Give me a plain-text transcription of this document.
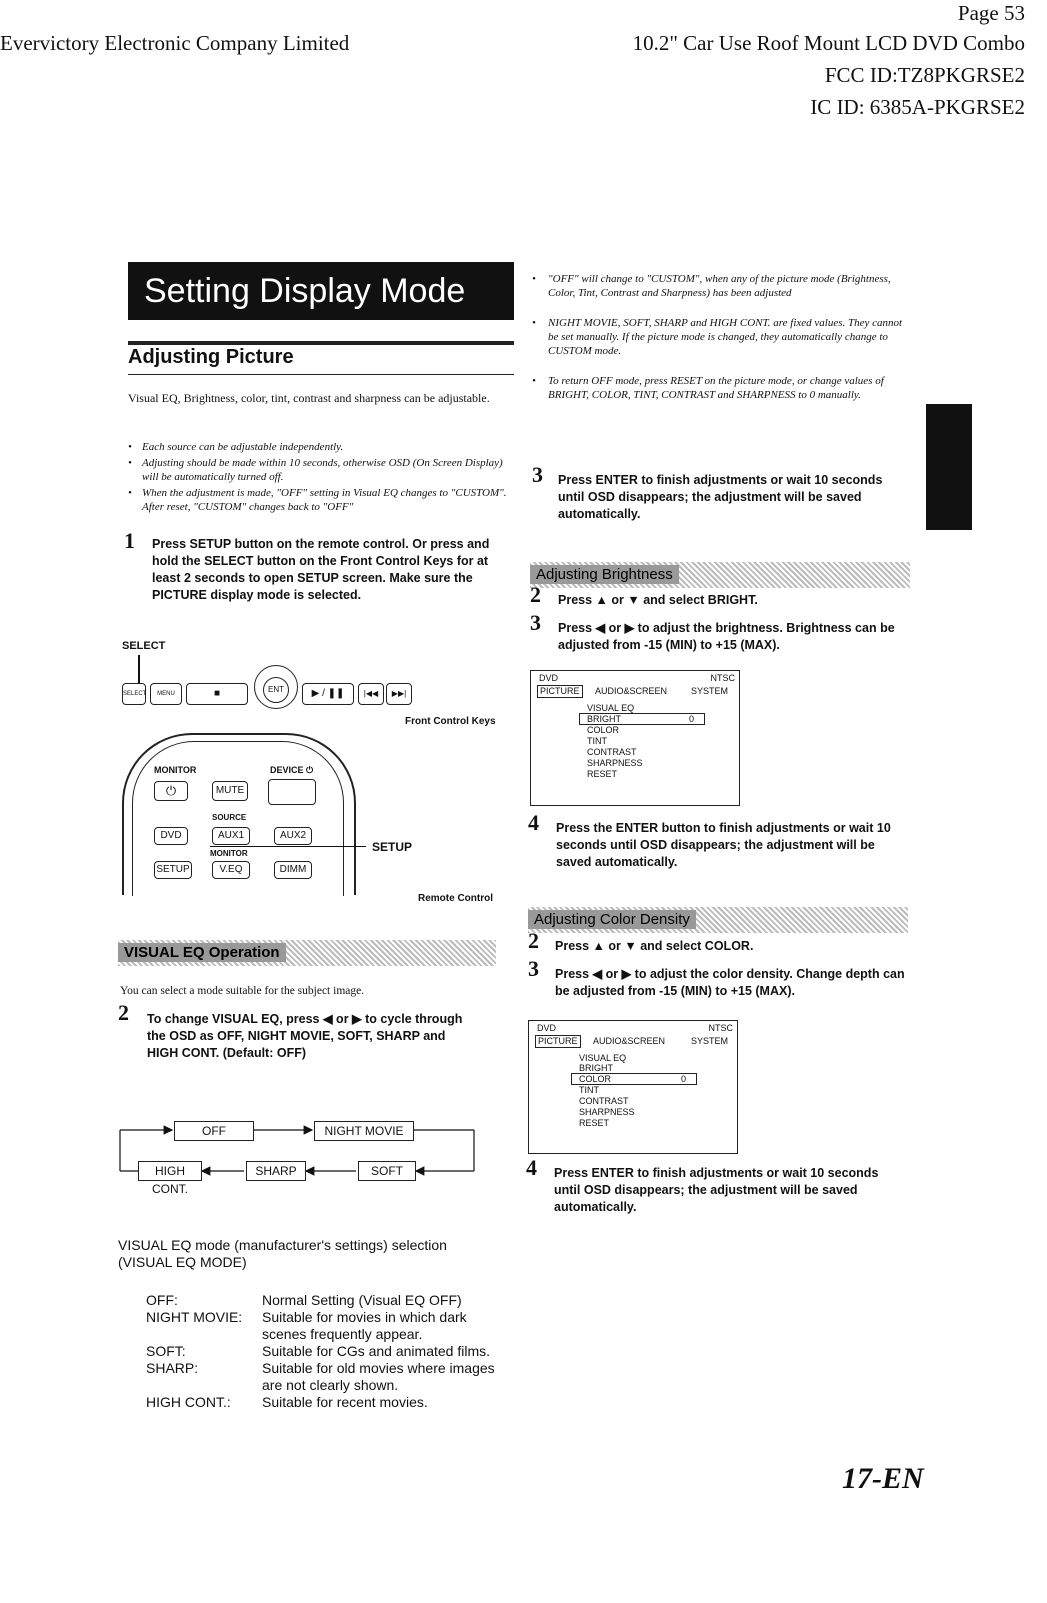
Page 53
Evervictory Electronic Company Limited	10.2" Car Use Roof Mount LCD DVD Combo
FCC ID:TZ8PKGRSE2
IC ID: 6385A-PKGRSE2
Setting Display Mode
Adjusting Picture
Visual EQ, Brightness, color, tint, contrast and sharpness can be adjustable.
• Each source can be adjustable independently.
• Adjusting should be made within 10 seconds, otherwise OSD (On Screen Display) will be automatically turned off.
• When the adjustment is made, "OFF" setting in Visual EQ changes to "CUSTOM". After reset, "CUSTOM" changes back to "OFF"
1 Press SETUP button on the remote control. Or press and hold the SELECT button on the Front Control Keys for at least 2 seconds to open SETUP screen. Make sure the PICTURE display mode is selected.
SELECT
SELECT	MENU	■	ENT	▶ / ❚❚	|◀◀	▶▶|
Front Control Keys
MONITOR	DEVICE ⏻
⏻	MUTE
SOURCE
DVD	AUX1	AUX2
MONITOR
SETUP	V.EQ	DIMM
SETUP
Remote Control
VISUAL EQ Operation
You can select a mode suitable for the subject image.
2 To change VISUAL EQ, press ◀ or ▶ to cycle through the OSD as OFF, NIGHT MOVIE, SOFT, SHARP and HIGH CONT. (Default: OFF)
OFF	NIGHT MOVIE
HIGH CONT.
SHARP	SOFT
VISUAL EQ mode (manufacturer's settings) selection (VISUAL EQ MODE)
OFF:	Normal Setting (Visual EQ OFF)
NIGHT MOVIE:	Suitable for movies in which dark scenes frequently appear.
SOFT:	Suitable for CGs and animated films.
SHARP:	Suitable for old movies where images are not clearly shown.
HIGH CONT.:	Suitable for recent movies.
• "OFF" will change to "CUSTOM", when any of the picture mode (Brightness, Color, Tint, Contrast and Sharpness) has been adjusted
• NIGHT MOVIE, SOFT, SHARP and HIGH CONT. are fixed values. They cannot be set manually. If the picture mode is changed, they automatically change to CUSTOM mode.
• To return OFF mode, press RESET on the picture mode, or change values of BRIGHT, COLOR, TINT, CONTRAST and SHARPNESS to 0 manually.
3 Press ENTER to finish adjustments or wait 10 seconds until OSD disappears; the adjustment will be saved automatically.
Adjusting Brightness
2 Press ▲ or ▼ and select BRIGHT.
3 Press ◀ or ▶ to adjust the brightness. Brightness can be adjusted from -15 (MIN) to +15 (MAX).
DVD	NTSC
PICTURE	AUDIO&SCREEN	SYSTEM
VISUAL EQ
BRIGHT	0
COLOR
TINT
CONTRAST
SHARPNESS
RESET
4 Press the ENTER button to finish adjustments or wait 10 seconds until OSD disappears; the adjustment will be saved automatically.
Adjusting Color Density
2 Press ▲ or ▼ and select COLOR.
3 Press ◀ or ▶ to adjust the color density. Change depth can be adjusted from -15 (MIN) to +15 (MAX).
DVD	NTSC
PICTURE	AUDIO&SCREEN	SYSTEM
VISUAL EQ
BRIGHT
COLOR	0
TINT
CONTRAST
SHARPNESS
RESET
4 Press ENTER to finish adjustments or wait 10 seconds until OSD disappears; the adjustment will be saved automatically.
17-EN
